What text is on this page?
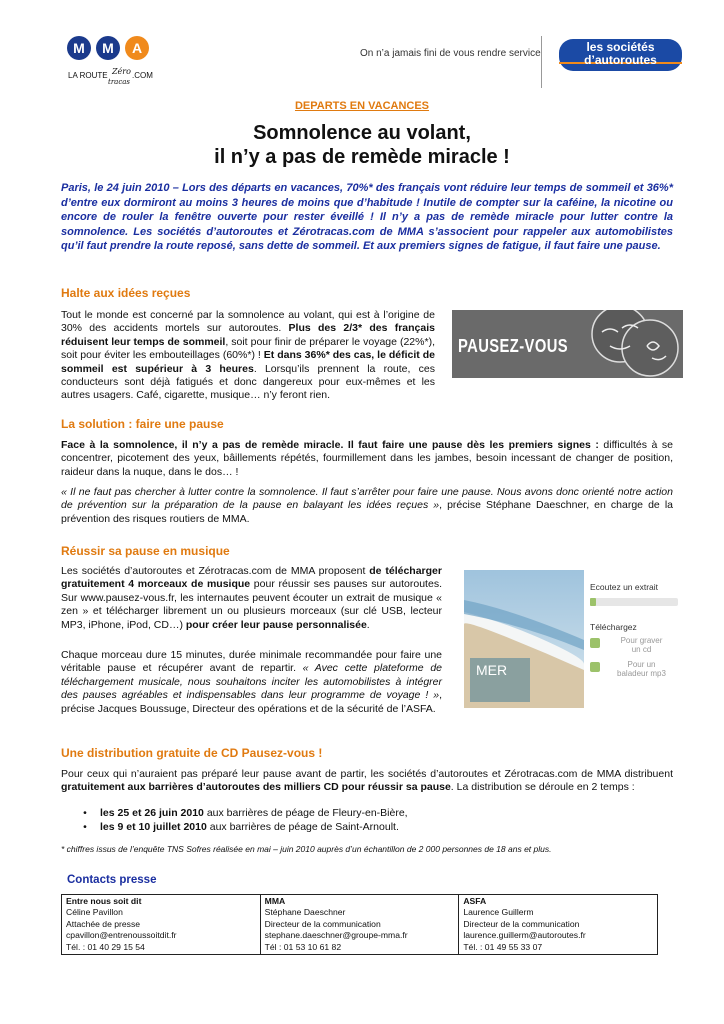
M M A
LA ROUTE Zéro
tracas
.COM
On n’a jamais fini de vous rendre service	les sociétés
d’autoroutes
DEPARTS EN VACANCES
Somnolence au volant,
il n’y a pas de remède miracle !
Paris, le 24 juin 2010 – Lors des départs en vacances, 70%* des français vont réduire leur temps de sommeil et 36%* d’entre eux dormiront au moins 3 heures de moins que d’habitude ! Inutile de compter sur la caféine, la nicotine ou encore de rouler la fenêtre ouverte pour rester éveillé ! Il n’y a pas de remède miracle pour lutter contre la somnolence. Les sociétés d’autoroutes et Zérotracas.com de MMA s’associent pour rappeler aux automobilistes qu’il faut prendre la route reposé, sans dette de sommeil. Et aux premiers signes de fatigue, il faut faire une pause.
Halte aux idées reçues
Tout le monde est concerné par la somnolence au volant, qui est à l’origine de 30% des accidents mortels sur autoroutes. Plus des 2/3* des français réduisent leur temps de sommeil, soit pour finir de préparer le voyage (22%*), soit pour éviter les embouteillages (60%*) ! Et dans 36%* des cas, le déficit de sommeil est supérieur à 3 heures. Lorsqu’ils prennent la route, ces conducteurs sont déjà fatigués et donc dangereux pour eux-mêmes et les autres usagers. Café, cigarette, musique… n’y feront rien.
PAUSEZ-VOUS
La solution : faire une pause
Face à la somnolence, il n’y a pas de remède miracle. Il faut faire une pause dès les premiers signes : difficultés à se concentrer, picotement des yeux, bâillements répétés, fourmillement dans les jambes, besoin incessant de changer de position, raideur dans la nuque, dans le dos… !
« Il ne faut pas chercher à lutter contre la somnolence. Il faut s’arrêter pour faire une pause. Nous avons donc orienté notre action de prévention sur la préparation de la pause en balayant les idées reçues », précise Stéphane Daeschner, en charge de la prévention des risques routiers de MMA.
Réussir sa pause en musique
Les sociétés d’autoroutes et Zérotracas.com de MMA proposent de télécharger gratuitement 4 morceaux de musique pour réussir ses pauses sur autoroutes. Sur www.pausez-vous.fr, les internautes peuvent écouter un extrait de musique « zen » et télécharger librement un ou plusieurs morceaux (sur clé USB, lecteur MP3, iPhone, iPod, CD…) pour créer leur pause personnalisée.
Chaque morceau dure 15 minutes, durée minimale recommandée pour faire une véritable pause et récupérer avant de repartir. « Avec cette plateforme de téléchargement musicale, nous souhaitons inciter les automobilistes à intégrer des pauses agréables et indispensables dans leur programme de voyage ! », précise Jacques Boussuge, Directeur des opérations et de la sécurité de l’ASFA.
MER
Ecoutez un extrait
Téléchargez
Pour graver
un cd
Pour un
baladeur mp3
Une distribution gratuite de CD Pausez-vous !
Pour ceux qui n’auraient pas préparé leur pause avant de partir, les sociétés d’autoroutes et Zérotracas.com de MMA distribuent gratuitement aux barrières d’autoroutes des milliers CD pour réussir sa pause. La distribution se déroule en 2 temps :
• les 25 et 26 juin 2010 aux barrières de péage de Fleury-en-Bière,
• les 9 et 10 juillet 2010 aux barrières de péage de Saint-Arnoult.
* chiffres issus de l’enquête TNS Sofres réalisée en mai – juin 2010 auprès d’un échantillon de 2 000 personnes de 18 ans et plus.
Contacts presse
Entre nous soit dit
Céline Pavillon
Attachée de presse
cpavillon@entrenoussoitdit.fr
Tél. : 01 40 29 15 54

MMA
Stéphane Daeschner
Directeur de la communication
stephane.daeschner@groupe-mma.fr
Tél : 01 53 10 61 82

ASFA
Laurence Guillerm
Directeur de la communication
laurence.guillerm@autoroutes.fr
Tél. : 01 49 55 33 07
